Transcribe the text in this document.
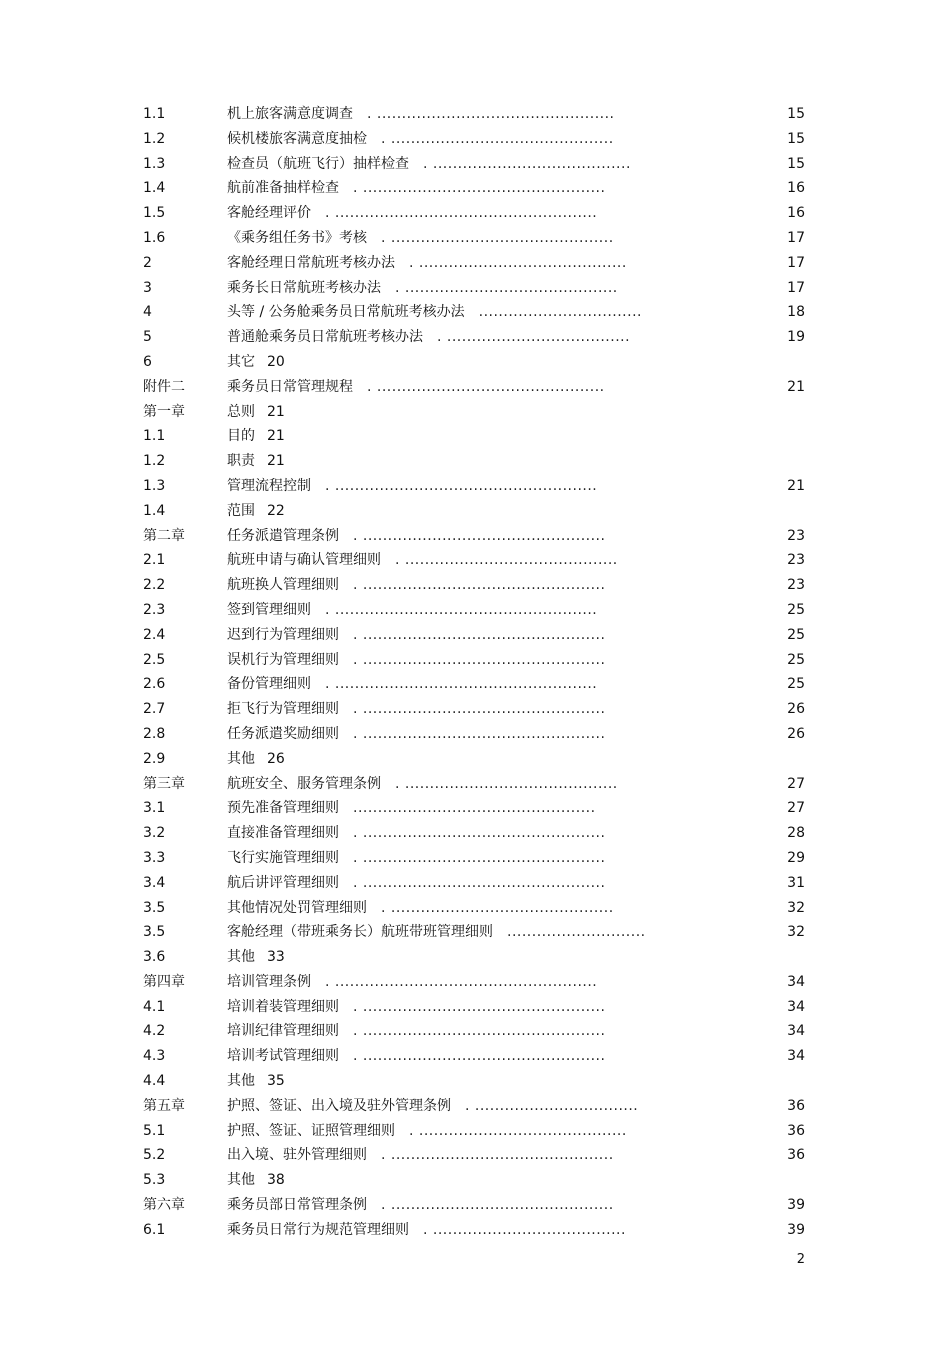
1.1	机上旅客满意度调查 . ................................................	15
1.2	候机楼旅客满意度抽检 . .............................................	15
1.3	检查员（航班飞行）抽样检查 . ........................................	15
1.4	航前准备抽样检查 . .................................................	16
1.5	客舱经理评价 . .....................................................	16
1.6	《乘务组任务书》考核 . .............................................	17
2	客舱经理日常航班考核办法 . ..........................................	17
3	乘务长日常航班考核办法 . ...........................................	17
4	头等 / 公务舱乘务员日常航班考核办法 .................................	18
5	普通舱乘务员日常航班考核办法 . .....................................	19
6	其它 20
附件二	乘务员日常管理规程 . ..............................................	21
第一章	总则 21
1.1	目的 21
1.2	职责 21
1.3	管理流程控制 . .....................................................	21
1.4	范围 22
第二章	任务派遣管理条例 . .................................................	23
2.1	航班申请与确认管理细则 . ...........................................	23
2.2	航班换人管理细则 . .................................................	23
2.3	签到管理细则 . .....................................................	25
2.4	迟到行为管理细则 . .................................................	25
2.5	误机行为管理细则 . .................................................	25
2.6	备份管理细则 . .....................................................	25
2.7	拒飞行为管理细则 . .................................................	26
2.8	任务派遣奖励细则 . .................................................	26
2.9	其他 26
第三章	航班安全、服务管理条例 . ...........................................	27
3.1	预先准备管理细则 .................................................	27
3.2	直接准备管理细则 . .................................................	28
3.3	飞行实施管理细则 . .................................................	29
3.4	航后讲评管理细则 . .................................................	31
3.5	其他情况处罚管理细则 . .............................................	32
3.5	客舱经理（带班乘务长）航班带班管理细则 ............................	32
3.6	其他 33
第四章	培训管理条例 . .....................................................	34
4.1	培训着装管理细则 . .................................................	34
4.2	培训纪律管理细则 . .................................................	34
4.3	培训考试管理细则 . .................................................	34
4.4	其他 35
第五章	护照、签证、出入境及驻外管理条例 . .................................	36
5.1	护照、签证、证照管理细则 . ..........................................	36
5.2	出入境、驻外管理细则 . .............................................	36
5.3	其他 38
第六章	乘务员部日常管理条例 . .............................................	39
6.1	乘务员日常行为规范管理细则 . .......................................	39
2
